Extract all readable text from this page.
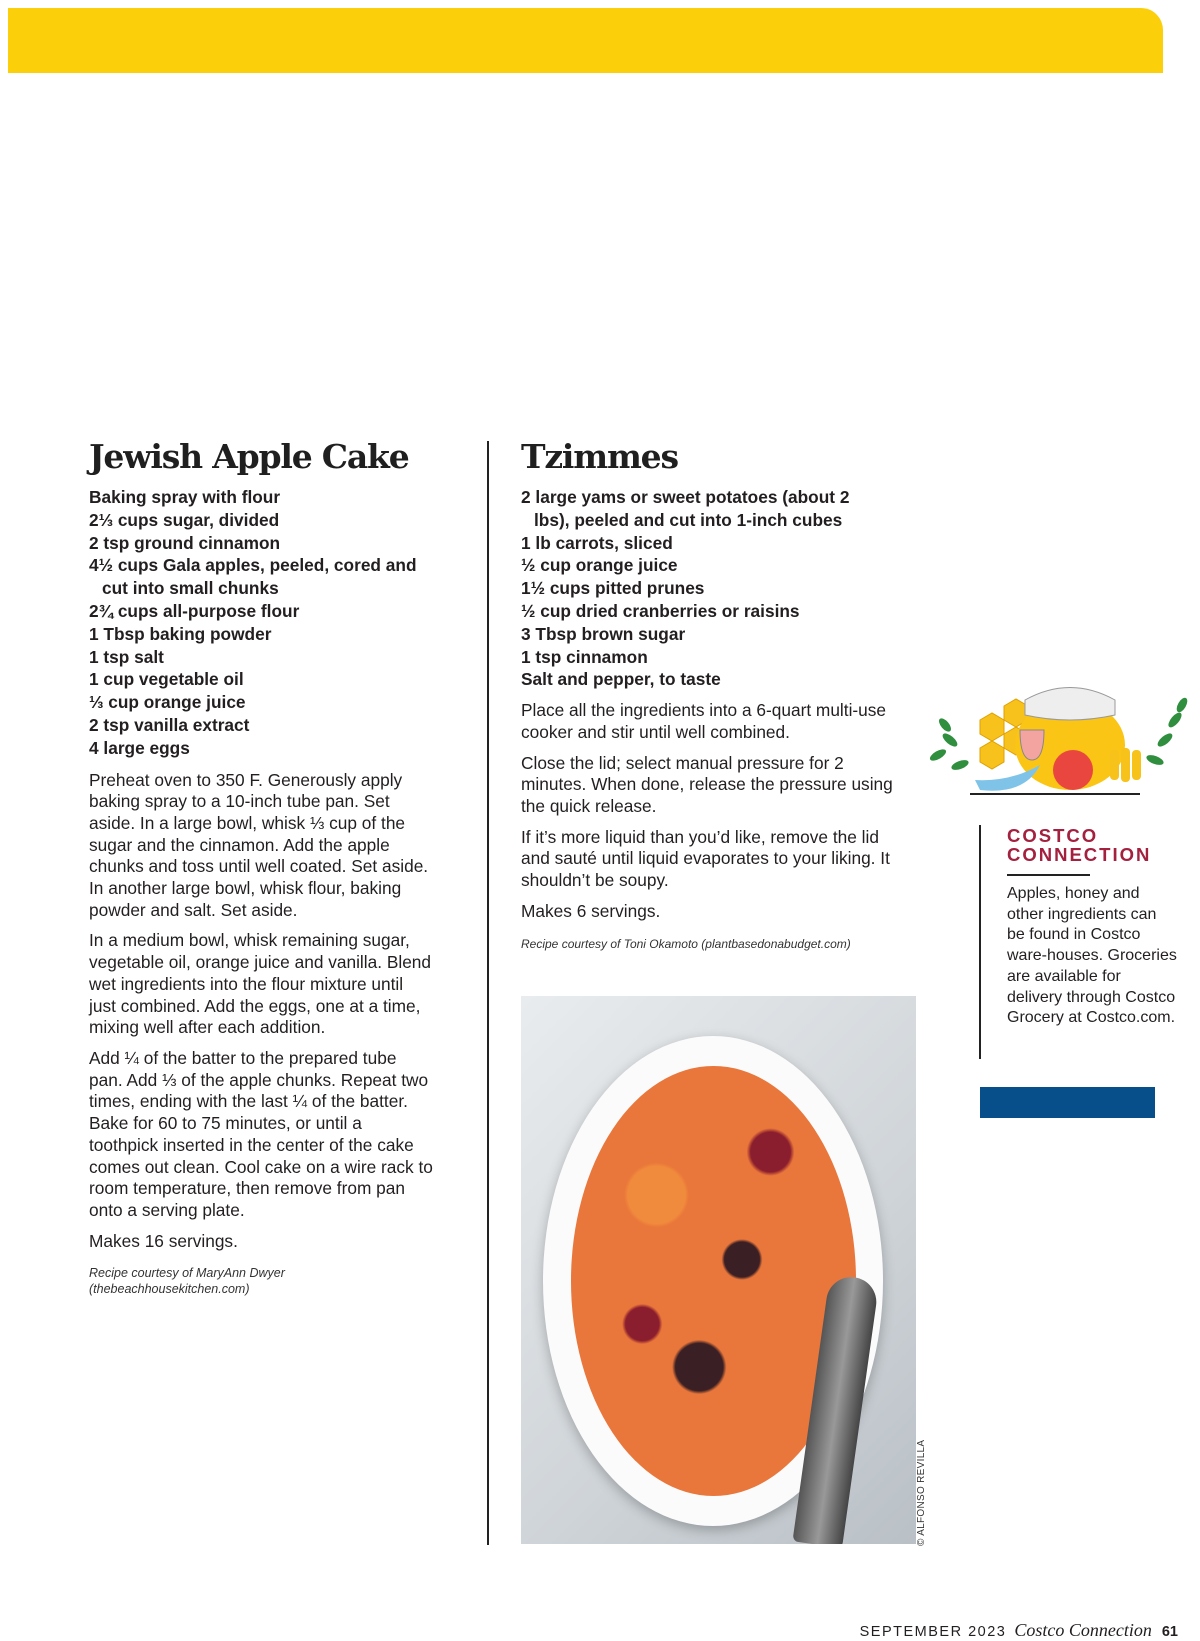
Jewish Apple Cake
Baking spray with flour
2⅓ cups sugar, divided
2 tsp ground cinnamon
4½ cups Gala apples, peeled, cored and cut into small chunks
2¾ cups all-purpose flour
1 Tbsp baking powder
1 tsp salt
1 cup vegetable oil
⅓ cup orange juice
2 tsp vanilla extract
4 large eggs

Preheat oven to 350 F. Generously apply baking spray to a 10-inch tube pan. Set aside. In a large bowl, whisk ⅓ cup of the sugar and the cinnamon. Add the apple chunks and toss until well coated. Set aside. In another large bowl, whisk flour, baking powder and salt. Set aside.

In a medium bowl, whisk remaining sugar, vegetable oil, orange juice and vanilla. Blend wet ingredients into the flour mixture until just combined. Add the eggs, one at a time, mixing well after each addition.

Add ¼ of the batter to the prepared tube pan. Add ⅓ of the apple chunks. Repeat two times, ending with the last ¼ of the batter. Bake for 60 to 75 minutes, or until a toothpick inserted in the center of the cake comes out clean. Cool cake on a wire rack to room temperature, then remove from pan onto a serving plate.

Makes 16 servings.

Recipe courtesy of MaryAnn Dwyer
(thebeachhousekitchen.com)
Tzimmes
2 large yams or sweet potatoes (about 2 lbs), peeled and cut into 1-inch cubes
1 lb carrots, sliced
½ cup orange juice
1½ cups pitted prunes
½ cup dried cranberries or raisins
3 Tbsp brown sugar
1 tsp cinnamon
Salt and pepper, to taste

Place all the ingredients into a 6-quart multi-use cooker and stir until well combined.

Close the lid; select manual pressure for 2 minutes. When done, release the pressure using the quick release.

If it’s more liquid than you’d like, remove the lid and sauté until liquid evaporates to your liking. It shouldn’t be soupy.

Makes 6 servings.

Recipe courtesy of Toni Okamoto (plantbasedonabudget.com)
© ALFONSO REVILLA
COSTCO
CONNECTION

Apples, honey and other ingredients can be found in Costco ware-houses. Groceries are available for delivery through Costco Grocery at Costco.com.

SEPTEMBER 2023 Costco Connection 61
